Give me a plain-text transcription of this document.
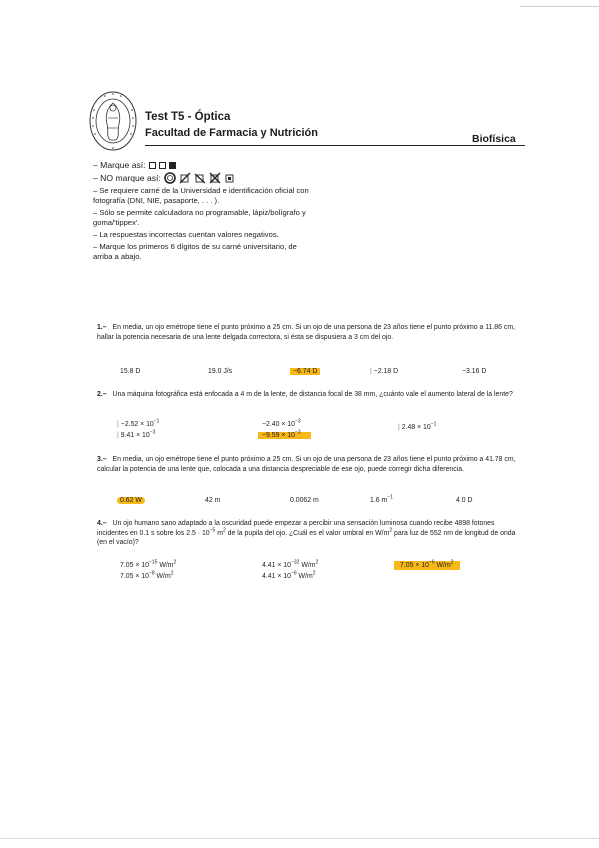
Test T5 - Óptica
Facultad de Farmacia y Nutrición	Biofísica
– Marque así:
– NO marque así:
– Se requiere carné de la Universidad e identificación oficial con fotografía (DNI, NIE, pasaporte, . . . ).
– Sólo se permite calculadora no programable, lápiz/bolígrafo y goma/'tippex'.
– La respuestas incorrectas cuentan valores negativos.
– Marque los primeros 6 dígitos de su carné universitario, de arriba a abajo.
1.– En media, un ojo emétrope tiene el punto próximo a 25 cm. Si un ojo de una persona de 23 años tiene el punto próximo a 11.86 cm, hallar la potencia necesaria de una lente delgada correctora, si ésta se dispusiera a 3 cm del ojo.
15.8 D	19.0 J/s	−6.74 D	| −2.18 D	−3.16 D
2.– Una máquina fotográfica está enfocada a 4 m de la lente, de distancia focal de 38 mm, ¿cuánto vale el aumento lateral de la lente?
| $-2.52 \times 10^{-1}$
| $9.41 \times 10^{-3}$
$-2.40 \times 10^{-3}$
$-9.59 \times 10^{-3}$
| $2.48 \times 10^{-1}$
3.– En media, un ojo emétrope tiene el punto próximo a 25 cm. Si un ojo de una persona de 23 años tiene el punto próximo a 41.78 cm, calcular la potencia de una lente que, colocada a una distancia despreciable de ese ojo, puede corregir dicha diferencia.
0.62 W	42 m	0.0062 m	1.6 $m^{-1}$	4.0 D
4.– Un ojo humano sano adaptado a la oscuridad puede empezar a percibir una sensación luminosa cuando recibe 4898 fotones incidentes en 0.1 s sobre los $2.5 \cdot 10^{-5}$ $m^2$ de la pupila del ojo. ¿Cuál es el valor umbral en $W/m^2$ para luz de 552 nm de longitud de onda (en el vacío)?
$7.05 \times 10^{-15}$ $W/m^2$
$7.05 \times 10^{-8}$ $W/m^2$
$4.41 \times 10^{-32}$ $W/m^2$
$4.41 \times 10^{-6}$ $W/m^2$
$7.05 \times 10^{-6}$ $W/m^2$
